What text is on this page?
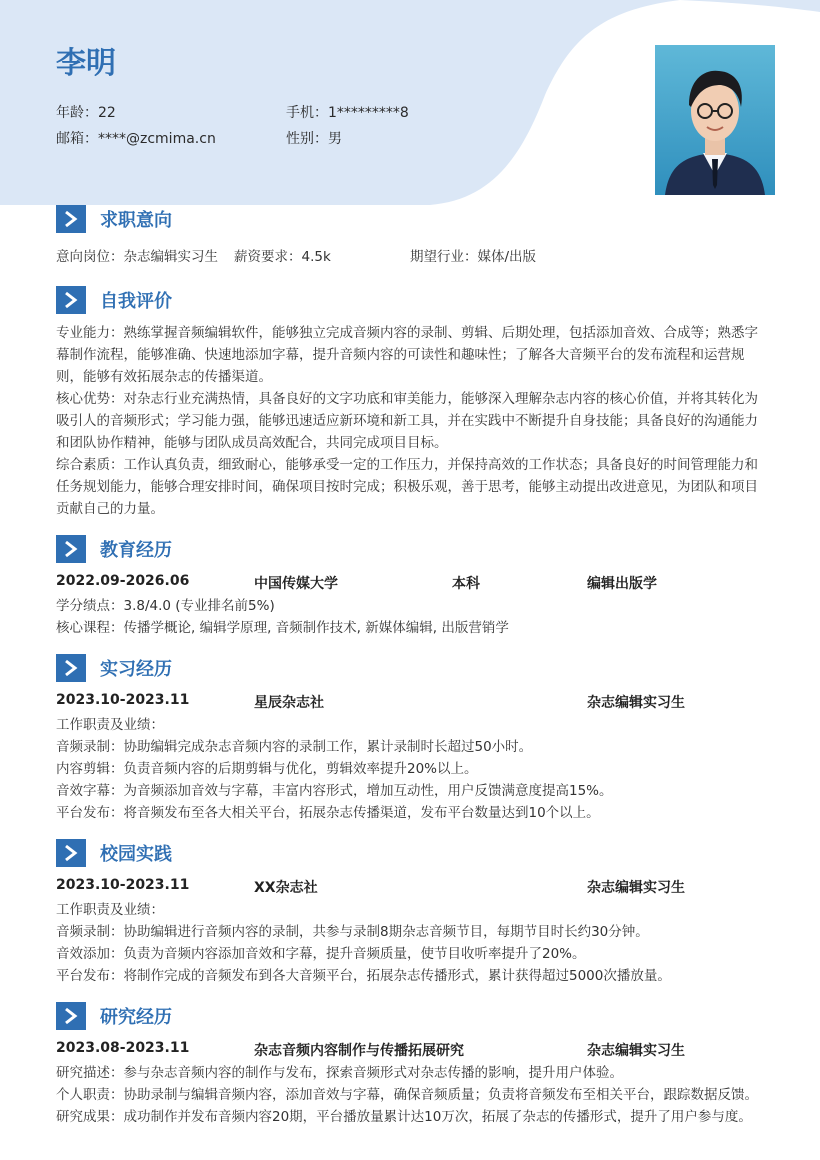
李明
年龄：22	手机：1*********8
邮箱：****@zcmima.cn	性别：男
求职意向
意向岗位：杂志编辑实习生 薪资要求：4.5k	期望行业：媒体/出版
自我评价

专业能力：熟练掌握音频编辑软件，能够独立完成音频内容的录制、剪辑、后期处理，包括添加音效、合成等；熟悉字幕制作流程，能够准确、快速地添加字幕，提升音频内容的可读性和趣味性；了解各大音频平台的发布流程和运营规则，能够有效拓展杂志的传播渠道。

核心优势：对杂志行业充满热情，具备良好的文字功底和审美能力，能够深入理解杂志内容的核心价值，并将其转化为吸引人的音频形式；学习能力强，能够迅速适应新环境和新工具，并在实践中不断提升自身技能；具备良好的沟通能力和团队协作精神，能够与团队成员高效配合，共同完成项目目标。

综合素质：工作认真负责，细致耐心，能够承受一定的工作压力，并保持高效的工作状态；具备良好的时间管理能力和任务规划能力，能够合理安排时间，确保项目按时完成；积极乐观，善于思考，能够主动提出改进意见，为团队和项目贡献自己的力量。

教育经历
2022.09-2026.06	中国传媒大学	本科	编辑出版学

学分绩点：3.8/4.0 (专业排名前5%)

核心课程：传播学概论, 编辑学原理, 音频制作技术, 新媒体编辑, 出版营销学

实习经历
2023.10-2023.11	星辰杂志社	杂志编辑实习生

工作职责及业绩：

音频录制：协助编辑完成杂志音频内容的录制工作，累计录制时长超过50小时。

内容剪辑：负责音频内容的后期剪辑与优化，剪辑效率提升20%以上。

音效字幕：为音频添加音效与字幕，丰富内容形式，增加互动性，用户反馈满意度提高15%。

平台发布：将音频发布至各大相关平台，拓展杂志传播渠道，发布平台数量达到10个以上。

校园实践
2023.10-2023.11	XX杂志社	杂志编辑实习生

工作职责及业绩：

音频录制：协助编辑进行音频内容的录制，共参与录制8期杂志音频节目，每期节目时长约30分钟。

音效添加：负责为音频内容添加音效和字幕，提升音频质量，使节目收听率提升了20%。

平台发布：将制作完成的音频发布到各大音频平台，拓展杂志传播形式，累计获得超过5000次播放量。

研究经历
2023.08-2023.11	杂志音频内容制作与传播拓展研究	杂志编辑实习生

研究描述：参与杂志音频内容的制作与发布，探索音频形式对杂志传播的影响，提升用户体验。

个人职责：协助录制与编辑音频内容，添加音效与字幕，确保音频质量；负责将音频发布至相关平台，跟踪数据反馈。

研究成果：成功制作并发布音频内容20期，平台播放量累计达10万次，拓展了杂志的传播形式，提升了用户参与度。
